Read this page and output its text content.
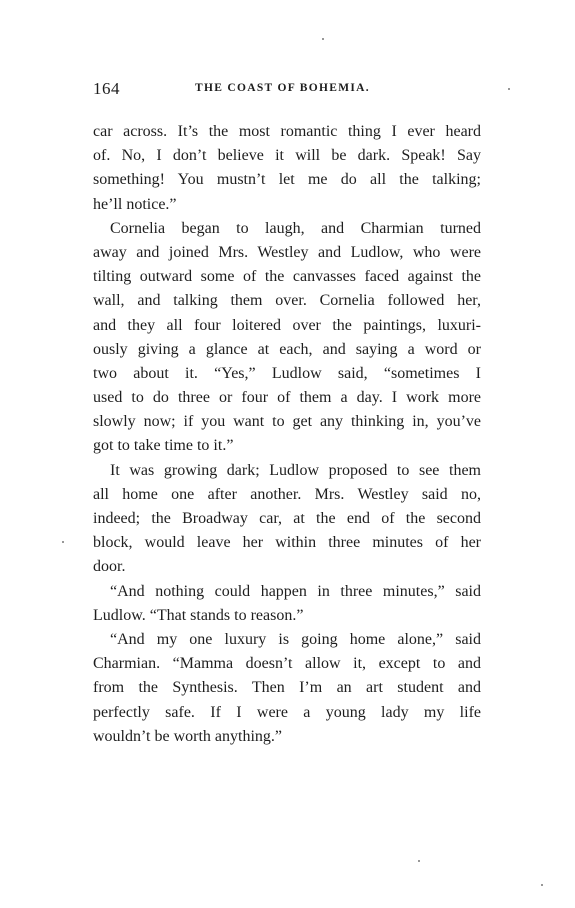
164	THE COAST OF BOHEMIA.
car across. It’s the most romantic thing I ever heard
of. No, I don’t believe it will be dark. Speak! Say
something! You mustn’t let me do all the talking;
he’ll notice.”
Cornelia began to laugh, and Charmian turned
away and joined Mrs. Westley and Ludlow, who were
tilting outward some of the canvasses faced against the
wall, and talking them over. Cornelia followed her,
and they all four loitered over the paintings, luxuri-
ously giving a glance at each, and saying a word or
two about it. “Yes,” Ludlow said, “sometimes I
used to do three or four of them a day. I work more
slowly now; if you want to get any thinking in, you’ve
got to take time to it.”
It was growing dark; Ludlow proposed to see them
all home one after another. Mrs. Westley said no,
indeed; the Broadway car, at the end of the second
block, would leave her within three minutes of her
door.
“And nothing could happen in three minutes,” said
Ludlow. “That stands to reason.”
“And my one luxury is going home alone,” said
Charmian. “Mamma doesn’t allow it, except to and
from the Synthesis. Then I’m an art student and
perfectly safe. If I were a young lady my life
wouldn’t be worth anything.”
